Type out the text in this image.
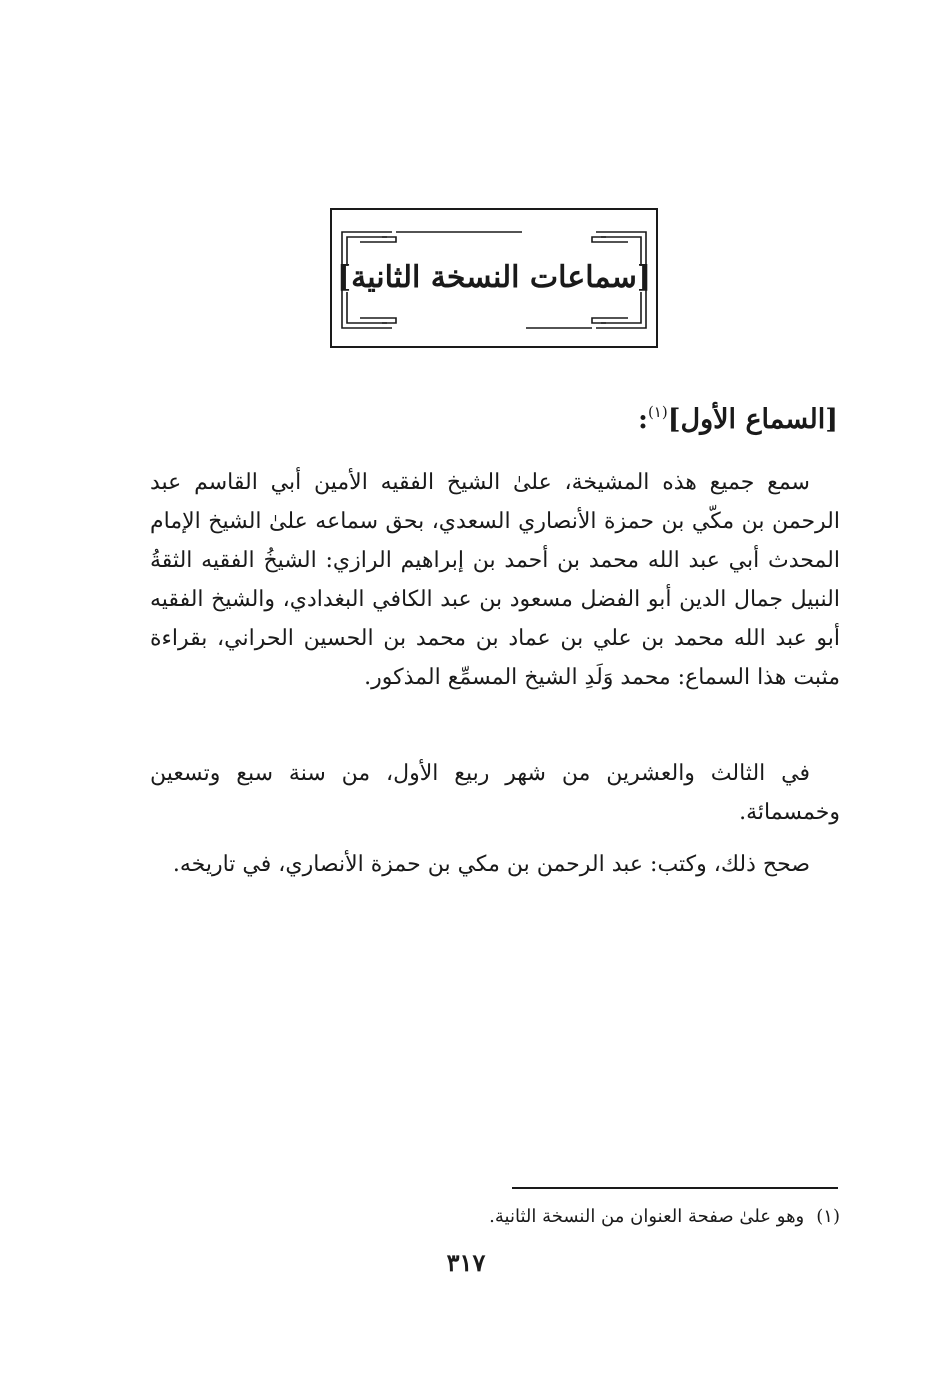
[سماعات النسخة الثانية]
[السماع الأول]$^{(١)}$:
سمع جميع هذه المشيخة، علىٰ الشيخ الفقيه الأمين أبي القاسم عبد الرحمن بن مكّي بن حمزة الأنصاري السعدي، بحق سماعه علىٰ الشيخ الإمام المحدث أبي عبد الله محمد بن أحمد بن إبراهيم الرازي: الشيخُ الفقيه الثقةُ النبيل جمال الدين أبو الفضل مسعود بن عبد الكافي البغدادي، والشيخ الفقيه أبو عبد الله محمد بن علي بن عماد بن محمد بن الحسين الحراني، بقراءة مثبت هذا السماع: محمد وَلَدِ الشيخ المسمِّع المذكور.
في الثالث والعشرين من شهر ربيع الأول، من سنة سبع وتسعين وخمسمائة.
صحح ذلك، وكتب: عبد الرحمن بن مكي بن حمزة الأنصاري، في تاريخه.
(١)وهو علىٰ صفحة العنوان من النسخة الثانية.
٣١٧
